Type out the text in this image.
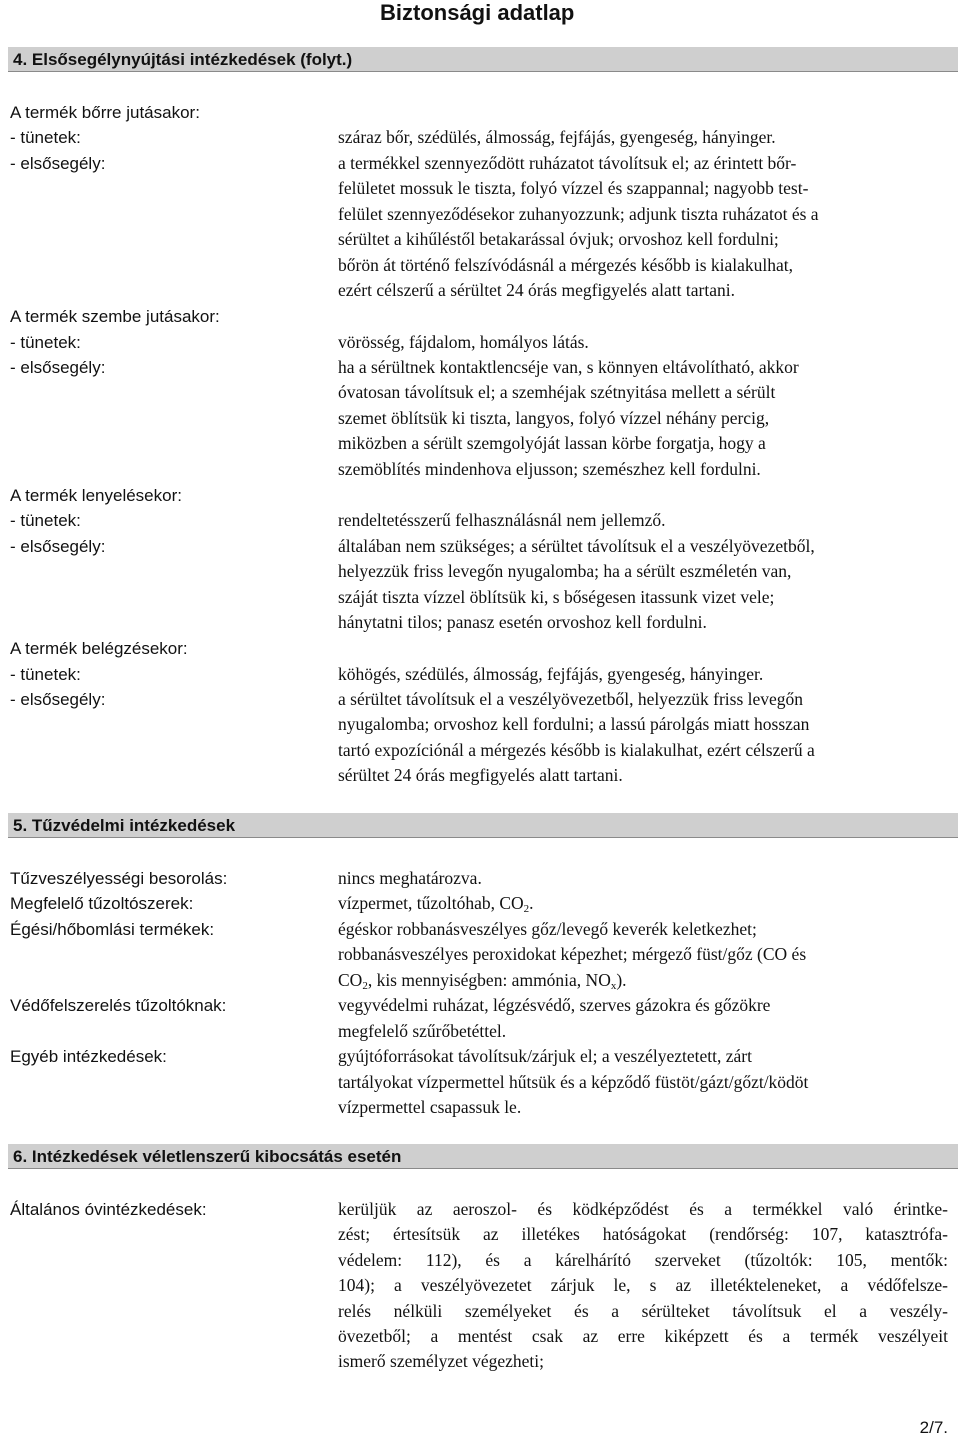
Biztonsági adatlap
4. Elsősegélynyújtási intézkedések (folyt.)
A termék bőrre jutásakor:
- tünetek:	száraz bőr, szédülés, álmosság, fejfájás, gyengeség, hányinger.
- elsősegély:	a termékkel szennyeződött ruházatot távolítsuk el; az érintett bőr-
felületet mossuk le tiszta, folyó vízzel és szappannal; nagyobb test-
felület szennyeződésekor zuhanyozzunk; adjunk tiszta ruházatot és a
sérültet a kihűléstől betakarással óvjuk; orvoshoz kell fordulni;
bőrön át történő felszívódásnál a mérgezés később is kialakulhat,
ezért célszerű a sérültet 24 órás megfigyelés alatt tartani.
A termék szembe jutásakor:
- tünetek:	vörösség, fájdalom, homályos látás.
- elsősegély:	ha a sérültnek kontaktlencséje van, s könnyen eltávolítható, akkor
óvatosan távolítsuk el; a szemhéjak szétnyitása mellett a sérült
szemet öblítsük ki tiszta, langyos, folyó vízzel néhány percig,
miközben a sérült szemgolyóját lassan körbe forgatja, hogy a
szemöblítés mindenhova eljusson; szemészhez kell fordulni.
A termék lenyelésekor:
- tünetek:	rendeltetésszerű felhasználásnál nem jellemző.
- elsősegély:	általában nem szükséges; a sérültet távolítsuk el a veszélyövezetből,
helyezzük friss levegőn nyugalomba; ha a sérült eszméletén van,
száját tiszta vízzel öblítsük ki, s bőségesen itassunk vizet vele;
hánytatni tilos; panasz esetén orvoshoz kell fordulni.
A termék belégzésekor:
- tünetek:	köhögés, szédülés, álmosság, fejfájás, gyengeség, hányinger.
- elsősegély:	a sérültet távolítsuk el a veszélyövezetből, helyezzük friss levegőn
nyugalomba; orvoshoz kell fordulni; a lassú párolgás miatt hosszan
tartó expozíciónál a mérgezés később is kialakulhat, ezért célszerű a
sérültet 24 órás megfigyelés alatt tartani.
5. Tűzvédelmi intézkedések
Tűzveszélyességi besorolás:	nincs meghatározva.
Megfelelő tűzoltószerek:	vízpermet, tűzoltóhab, $CO_2$.
Égési/hőbomlási termékek:	égéskor robbanásveszélyes gőz/levegő keverék keletkezhet;
robbanásveszélyes peroxidokat képezhet; mérgező füst/gőz (CO és
$CO_2$, kis mennyiségben: ammónia, $NO_x$).
Védőfelszerelés tűzoltóknak:	vegyvédelmi ruházat, légzésvédő, szerves gázokra és gőzökre
megfelelő szűrőbetéttel.
Egyéb intézkedések:	gyújtóforrásokat távolítsuk/zárjuk el; a veszélyeztetett, zárt
tartályokat vízpermettel hűtsük és a képződő füstöt/gázt/gőzt/ködöt
vízpermettel csapassuk le.
6. Intézkedések véletlenszerű kibocsátás esetén
Általános óvintézkedések:	kerüljük az aeroszol- és ködképződést és a termékkel való érintke-
zést; értesítsük az illetékes hatóságokat (rendőrség: 107, katasztrófa-
védelem: 112), és a kárelhárító szerveket (tűzoltók: 105, mentők:
104); a veszélyövezetet zárjuk le, s az illetékteleneket, a védőfelsze-
relés nélküli személyeket és a sérülteket távolítsuk el a veszély-
övezetből; a mentést csak az erre kiképzett és a termék veszélyeit
ismerő személyzet végezheti;
2/7.
